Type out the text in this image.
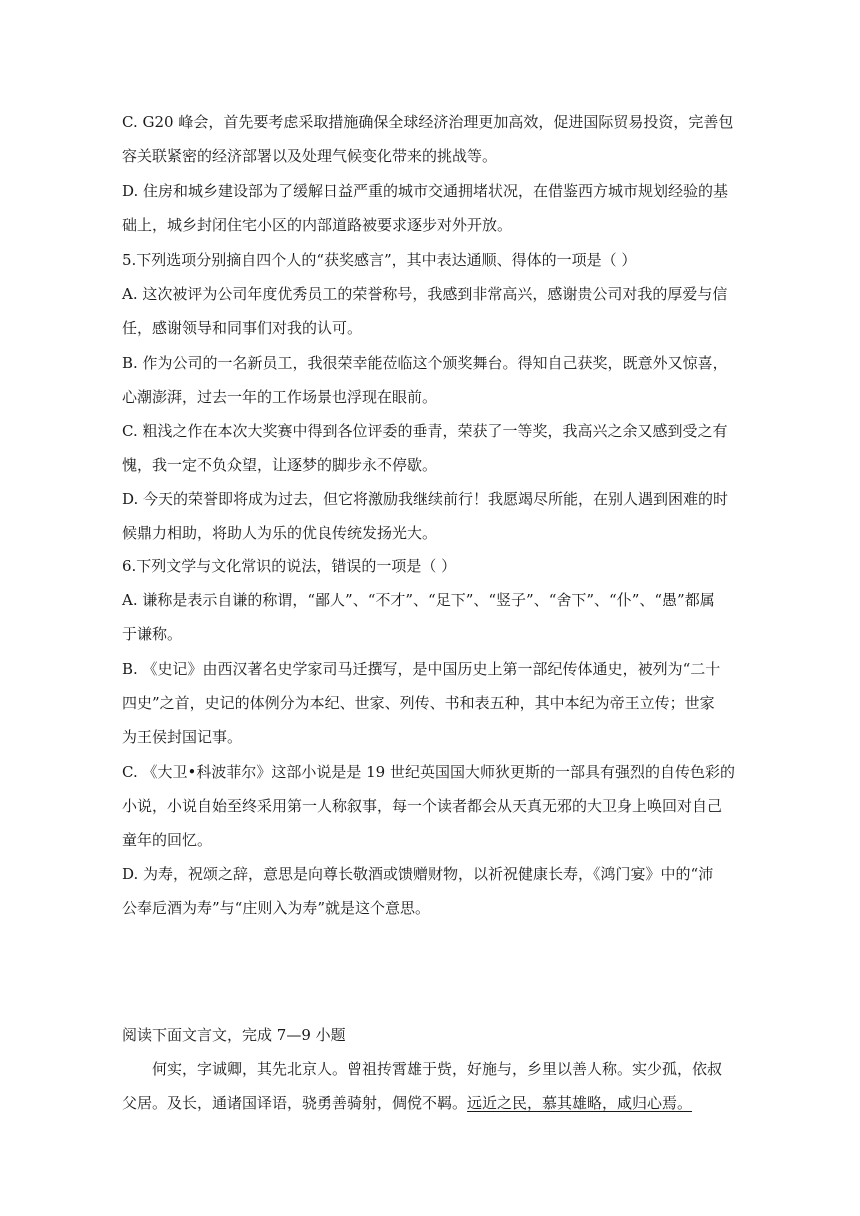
C. G20 峰会，首先要考虑采取措施确保全球经济治理更加高效，促进国际贸易投资，完善包
容关联紧密的经济部署以及处理气候变化带来的挑战等。
D. 住房和城乡建设部为了缓解日益严重的城市交通拥堵状况，在借鉴西方城市规划经验的基
础上，城乡封闭住宅小区的内部道路被要求逐步对外开放。
5.下列选项分别摘自四个人的“获奖感言”，其中表达通顺、得体的一项是（ ）
A. 这次被评为公司年度优秀员工的荣誉称号，我感到非常高兴，感谢贵公司对我的厚爱与信
任，感谢领导和同事们对我的认可。
B. 作为公司的一名新员工，我很荣幸能莅临这个颁奖舞台。得知自己获奖，既意外又惊喜，
心潮澎湃，过去一年的工作场景也浮现在眼前。
C. 粗浅之作在本次大奖赛中得到各位评委的垂青，荣获了一等奖，我高兴之余又感到受之有
愧，我一定不负众望，让逐梦的脚步永不停歇。
D. 今天的荣誉即将成为过去，但它将激励我继续前行！我愿竭尽所能，在别人遇到困难的时
候鼎力相助，将助人为乐的优良传统发扬光大。
6.下列文学与文化常识的说法，错误的一项是（ ）
A. 谦称是表示自谦的称谓，“鄙人”、“不才”、“足下”、“竖子”、“舍下”、“仆”、“愚”都属
于谦称。
B. 《史记》由西汉著名史学家司马迁撰写，是中国历史上第一部纪传体通史，被列为“二十
四史”之首，史记的体例分为本纪、世家、列传、书和表五种，其中本纪为帝王立传；世家
为王侯封国记事。
C. 《大卫•科波菲尔》这部小说是是 19 世纪英国国大师狄更斯的一部具有强烈的自传色彩的
小说，小说自始至终采用第一人称叙事，每一个读者都会从天真无邪的大卫身上唤回对自己
童年的回忆。
D. 为寿，祝颂之辞，意思是向尊长敬酒或馈赠财物，以祈祝健康长寿，《鸿门宴》中的“沛
公奉卮酒为寿”与“庄则入为寿”就是这个意思。
阅读下面文言文，完成 7—9 小题
何实，字诚卿，其先北京人。曾祖抟霄雄于赀，好施与，乡里以善人称。实少孤，依叔
父居。及长，通诸国译语，骁勇善骑射，倜傥不羁。远近之民，慕其雄略，咸归心焉。
